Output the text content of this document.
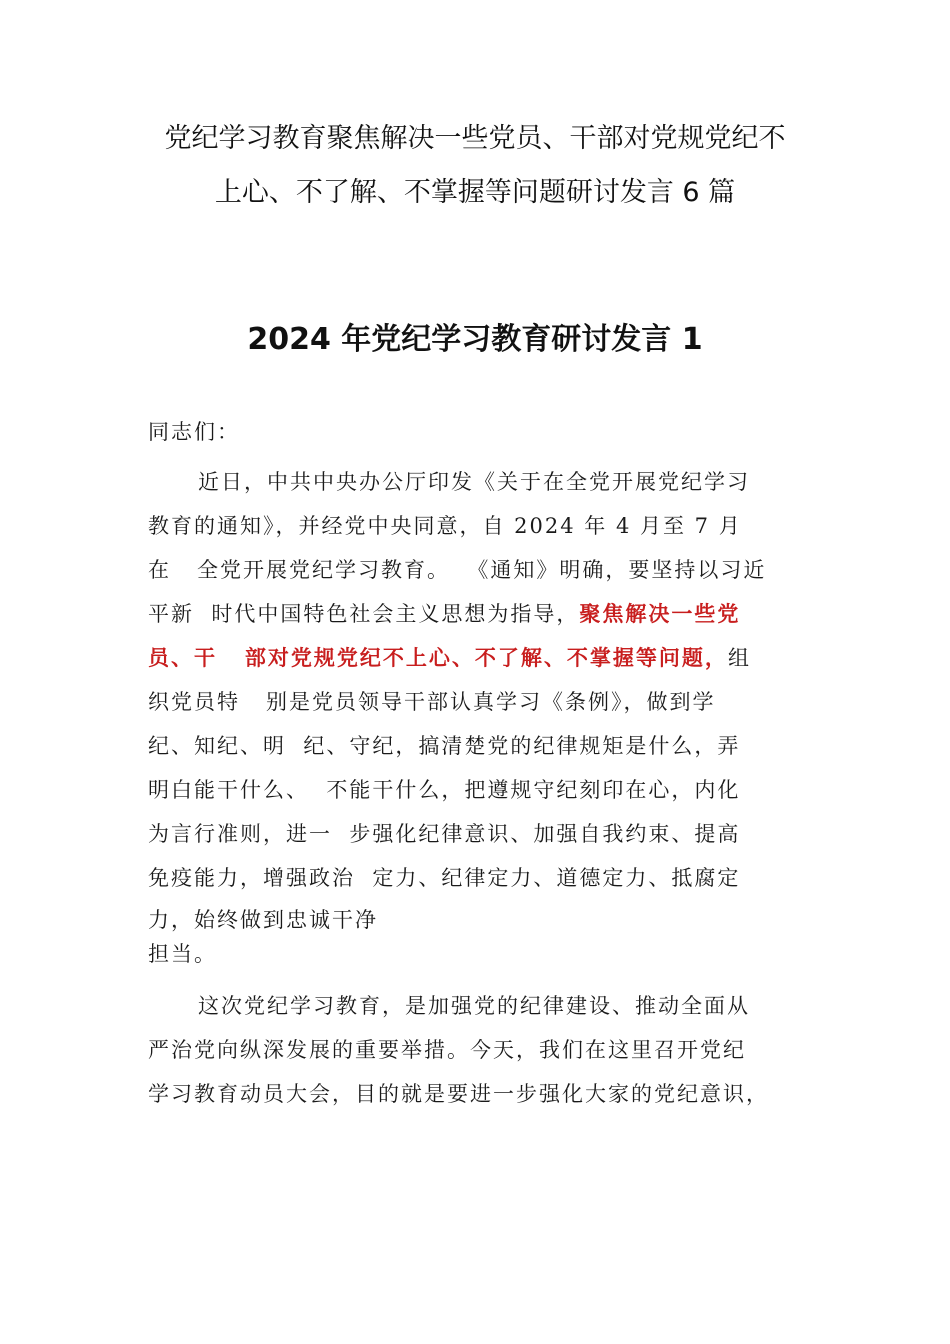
党纪学习教育聚焦解决一些党员、干部对党规党纪不
上心、不了解、不掌握等问题研讨发言 6 篇
2024 年党纪学习教育研讨发言 1
同志们：
近日，中共中央办公厅印发《关于在全党开展党纪学习
教育的通知》，并经党中央同意，自 2024 年 4 月至 7 月
在   全党开展党纪学习教育。  《通知》明确，要坚持以习近
平新  时代中国特色社会主义思想为指导，聚焦解决一些党
员、干   部对党规党纪不上心、不了解、不掌握等问题，组
织党员特   别是党员领导干部认真学习《条例》，做到学
纪、知纪、明  纪、守纪，搞清楚党的纪律规矩是什么，弄
明白能干什么、  不能干什么，把遵规守纪刻印在心，内化
为言行准则，进一  步强化纪律意识、加强自我约束、提高
免疫能力，增强政治  定力、纪律定力、道德定力、抵腐定
力，始终做到忠诚干净
担当。
这次党纪学习教育，是加强党的纪律建设、推动全面从
严治党向纵深发展的重要举措。今天，我们在这里召开党纪
学习教育动员大会，目的就是要进一步强化大家的党纪意识，
